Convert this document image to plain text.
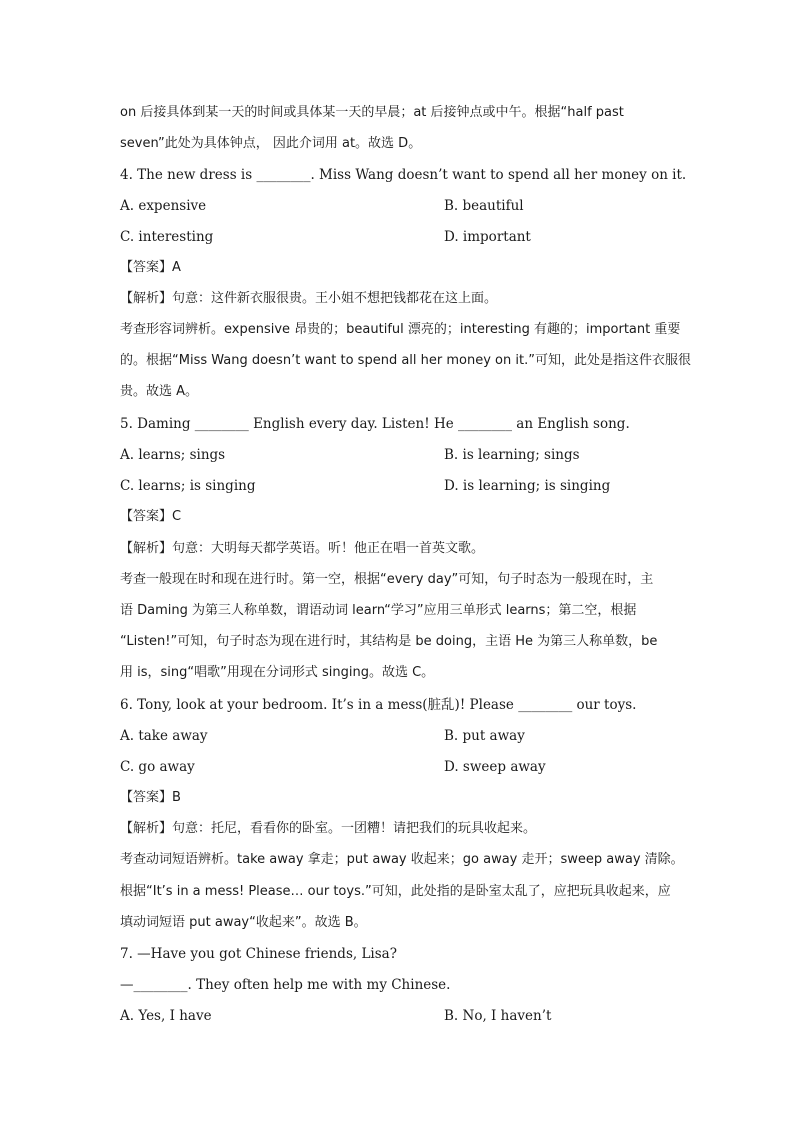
on 后接具体到某一天的时间或具体某一天的早晨；at 后接钟点或中午。根据“half past
seven”此处为具体钟点， 因此介词用 at。故选 D。
4. The new dress is ________. Miss Wang doesn’t want to spend all her money on it.
A. expensive	B. beautiful
C. interesting	D. important
【答案】A
【解析】句意：这件新衣服很贵。王小姐不想把钱都花在这上面。
考查形容词辨析。expensive 昂贵的；beautiful 漂亮的；interesting 有趣的；important 重要
的。根据“Miss Wang doesn’t want to spend all her money on it.”可知，此处是指这件衣服很
贵。故选 A。
5. Daming ________ English every day. Listen! He ________ an English song.
A. learns; sings	B. is learning; sings
C. learns; is singing	D. is learning; is singing
【答案】C
【解析】句意：大明每天都学英语。听！他正在唱一首英文歌。
考查一般现在时和现在进行时。第一空，根据“every day”可知，句子时态为一般现在时，主
语 Daming 为第三人称单数，谓语动词 learn“学习”应用三单形式 learns；第二空，根据
“Listen!”可知，句子时态为现在进行时，其结构是 be doing，主语 He 为第三人称单数，be
用 is，sing“唱歌”用现在分词形式 singing。故选 C。
6. Tony, look at your bedroom. It’s in a mess(脏乱)! Please ________ our toys.
A. take away	B. put away
C. go away	D. sweep away
【答案】B
【解析】句意：托尼，看看你的卧室。一团糟！请把我们的玩具收起来。
考查动词短语辨析。take away 拿走；put away 收起来；go away 走开；sweep away 清除。
根据“It’s in a mess! Please… our toys.”可知，此处指的是卧室太乱了，应把玩具收起来，应
填动词短语 put away“收起来”。故选 B。
7. —Have you got Chinese friends, Lisa?
—________. They often help me with my Chinese.
A. Yes, I have	B. No, I haven’t
